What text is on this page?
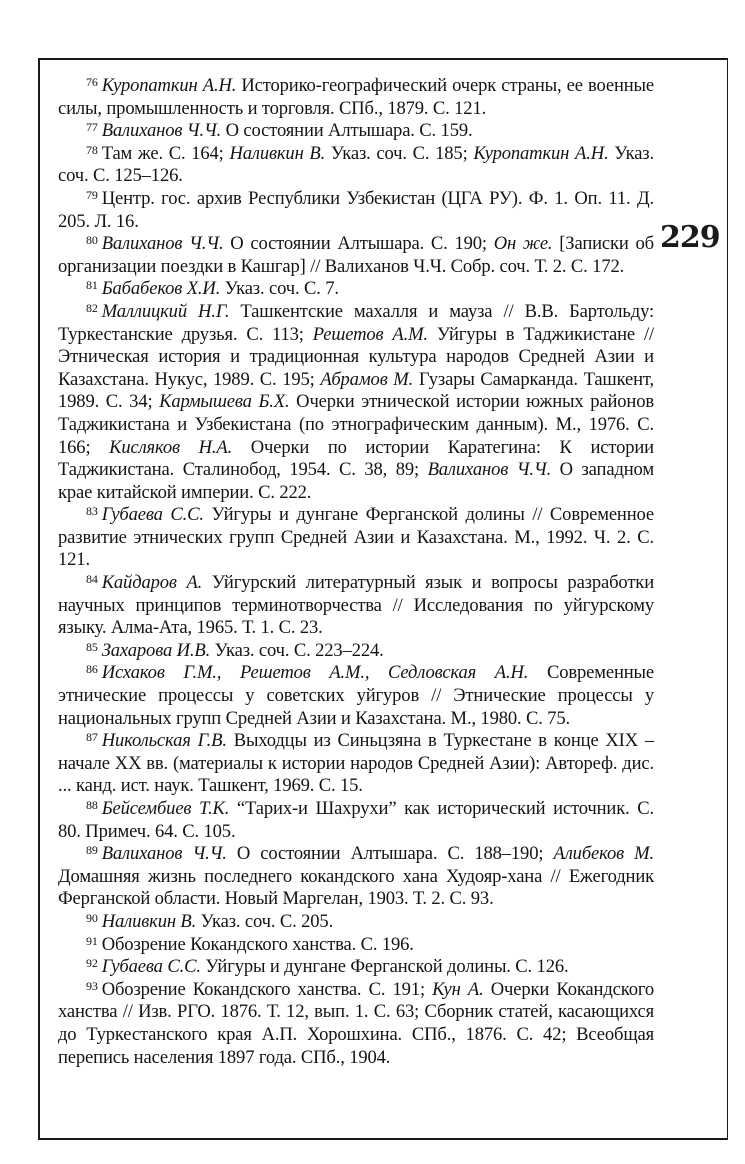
229

$^{76}$ Куропаткин А.Н. Историко-географический очерк страны, ее военные силы, промышленность и торговля. СПб., 1879. С. 121.

$^{77}$ Валиханов Ч.Ч. О состоянии Алтышара. С. 159.

$^{78}$ Там же. С. 164; Наливкин В. Указ. соч. С. 185; Куропаткин А.Н. Указ. соч. С. 125–126.

$^{79}$ Центр. гос. архив Республики Узбекистан (ЦГА РУ). Ф. 1. Оп. 11. Д. 205. Л. 16.

$^{80}$ Валиханов Ч.Ч. О состоянии Алтышара. С. 190; Он же. [Записки об организации поездки в Кашгар] // Валиханов Ч.Ч. Собр. соч. Т. 2. С. 172.

$^{81}$ Бабабеков Х.И. Указ. соч. С. 7.

$^{82}$ Маллицкий Н.Г. Ташкентские махалля и мауза // В.В. Бартольду: Туркестанские друзья. С. 113; Решетов А.М. Уйгуры в Таджикистане // Этническая история и традиционная культура народов Средней Азии и Казахстана. Нукус, 1989. С. 195; Абрамов М. Гузары Самарканда. Ташкент, 1989. С. 34; Кармышева Б.Х. Очерки этнической истории южных районов Таджикистана и Узбекистана (по этнографическим данным). М., 1976. С. 166; Кисляков Н.А. Очерки по истории Каратегина: К истории Таджикистана. Сталинобод, 1954. С. 38, 89; Валиханов Ч.Ч. О западном крае китайской империи. С. 222.

$^{83}$ Губаева С.С. Уйгуры и дунгане Ферганской долины // Современное развитие этнических групп Средней Азии и Казахстана. М., 1992. Ч. 2. С. 121.

$^{84}$ Кайдаров А. Уйгурский литературный язык и вопросы разработки научных принципов терминотворчества // Исследования по уйгурскому языку. Алма-Ата, 1965. Т. 1. С. 23.

$^{85}$ Захарова И.В. Указ. соч. С. 223–224.

$^{86}$ Исхаков Г.М., Решетов А.М., Седловская А.Н. Современные этнические процессы у советских уйгуров // Этнические процессы у национальных групп Средней Азии и Казахстана. М., 1980. С. 75.

$^{87}$ Никольская Г.В. Выходцы из Синьцзяна в Туркестане в конце XIX – начале XX вв. (материалы к истории народов Средней Азии): Автореф. дис. ... канд. ист. наук. Ташкент, 1969. С. 15.

$^{88}$ Бейсембиев Т.К. “Тарих-и Шахрухи” как исторический источник. С. 80. Примеч. 64. С. 105.

$^{89}$ Валиханов Ч.Ч. О состоянии Алтышара. С. 188–190; Алибеков М. Домашняя жизнь последнего кокандского хана Худояр-хана // Ежегодник Ферганской области. Новый Маргелан, 1903. Т. 2. С. 93.

$^{90}$ Наливкин В. Указ. соч. С. 205.

$^{91}$ Обозрение Кокандского ханства. С. 196.

$^{92}$ Губаева С.С. Уйгуры и дунгане Ферганской долины. С. 126.

$^{93}$ Обозрение Кокандского ханства. С. 191; Кун А. Очерки Кокандского ханства // Изв. РГО. 1876. Т. 12, вып. 1. С. 63; Сборник статей, касающихся до Туркестанского края А.П. Хорошхина. СПб., 1876. С. 42; Всеобщая перепись населения 1897 года. СПб., 1904.
